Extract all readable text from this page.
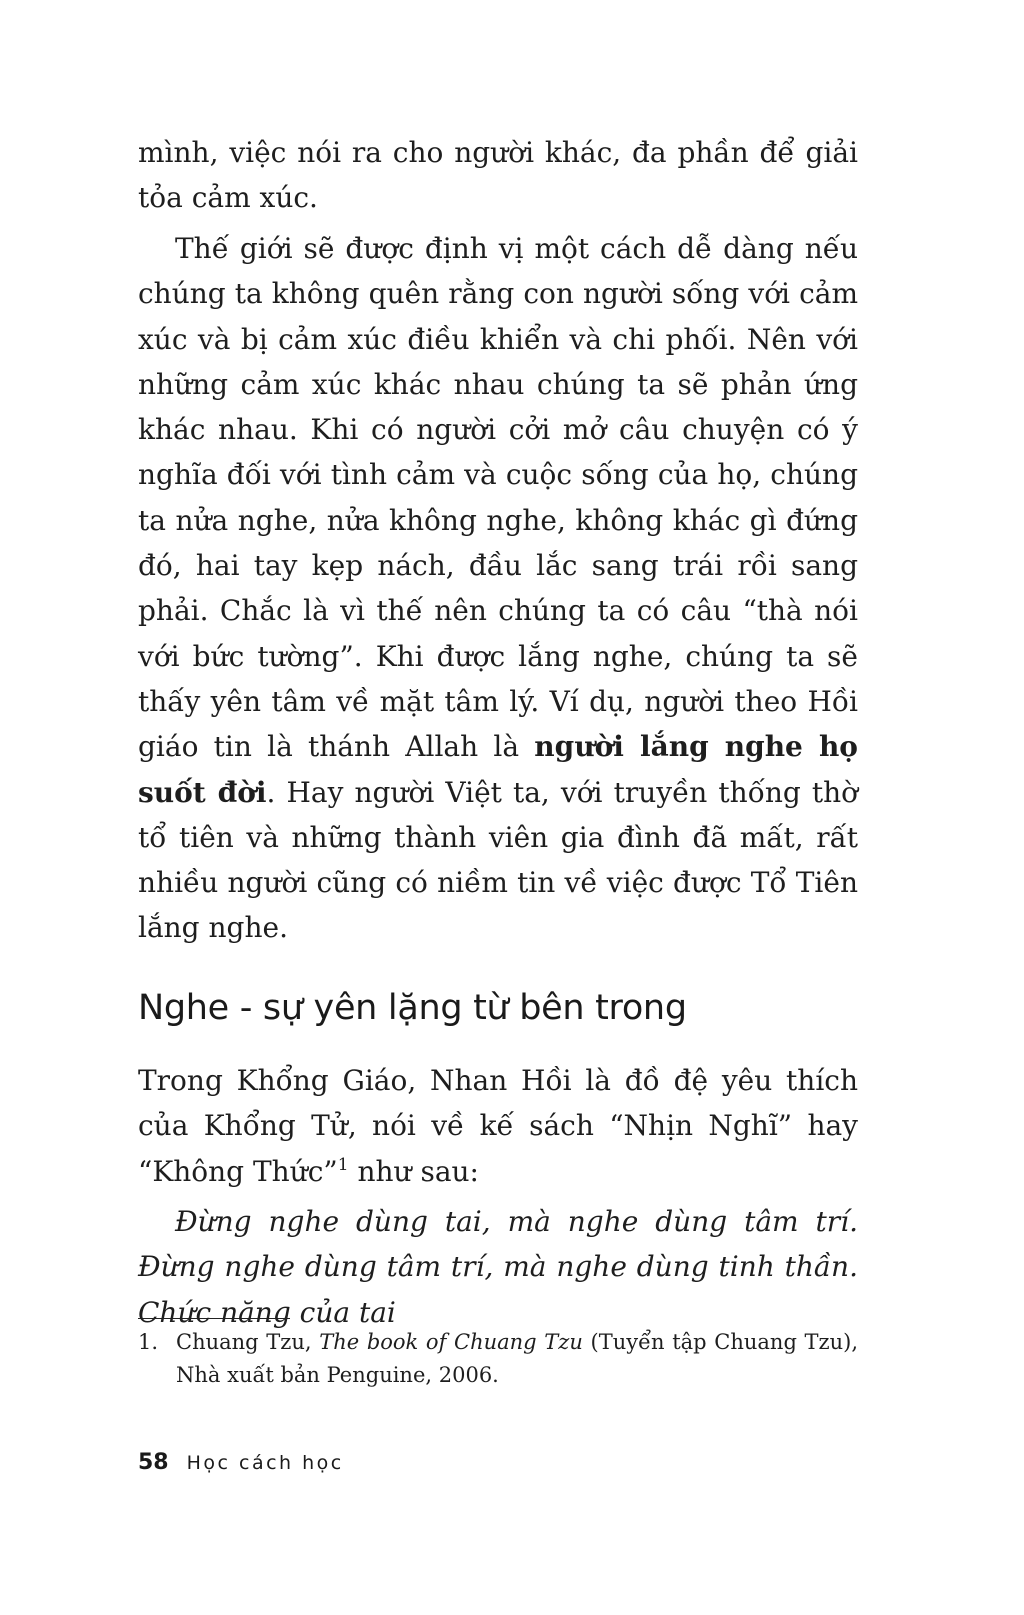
mình, việc nói ra cho người khác, đa phần để giải tỏa cảm xúc.

Thế giới sẽ được định vị một cách dễ dàng nếu chúng ta không quên rằng con người sống với cảm xúc và bị cảm xúc điều khiển và chi phối. Nên với những cảm xúc khác nhau chúng ta sẽ phản ứng khác nhau. Khi có người cởi mở câu chuyện có ý nghĩa đối với tình cảm và cuộc sống của họ, chúng ta nửa nghe, nửa không nghe, không khác gì đứng đó, hai tay kẹp nách, đầu lắc sang trái rồi sang phải. Chắc là vì thế nên chúng ta có câu “thà nói với bức tường”. Khi được lắng nghe, chúng ta sẽ thấy yên tâm về mặt tâm lý. Ví dụ, người theo Hồi giáo tin là thánh Allah là người lắng nghe họ suốt đời. Hay người Việt ta, với truyền thống thờ tổ tiên và những thành viên gia đình đã mất, rất nhiều người cũng có niềm tin về việc được Tổ Tiên lắng nghe.

Nghe - sự yên lặng từ bên trong

Trong Khổng Giáo, Nhan Hồi là đồ đệ yêu thích của Khổng Tử, nói về kế sách “Nhịn Nghĩ” hay “Không Thức”$^1$ như sau:

Đừng nghe dùng tai, mà nghe dùng tâm trí. Đừng nghe dùng tâm trí, mà nghe dùng tinh thần. Chức năng của tai

1. Chuang Tzu, The book of Chuang Tzu (Tuyển tập Chuang Tzu), Nhà xuất bản Penguine, 2006.
58 Học cách học
